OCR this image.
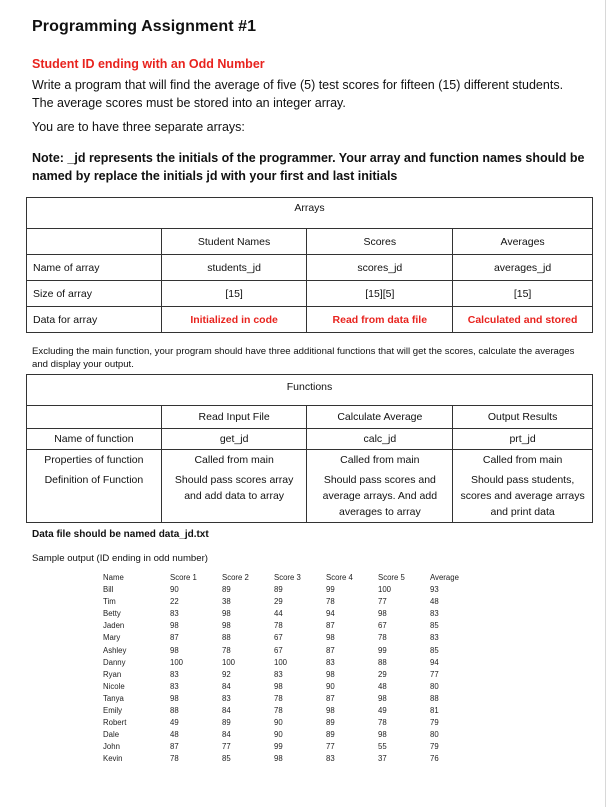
Programming Assignment #1
Student ID ending with an Odd Number
Write a program that will find the average of five (5) test scores for fifteen (15) different students. The average scores must be stored into an integer array.
You are to have three separate arrays:
Note: _jd represents the initials of the programmer. Your array and function names should be named by replace the initials jd with your first and last initials
Arrays			
	Student Names	Scores	Averages
Name of array	students_jd	scores_jd	averages_jd
Size of array	[15]	[15][5]	[15]
Data for array	Initialized in code	Read from data file	Calculated and stored
Excluding the main function, your program should have three additional functions that will get the scores, calculate the averages and display your output.
Functions			
	Read Input File	Calculate Average	Output Results
Name of function	get_jd	calc_jd	prt_jd
Properties of function	Called from main	Called from main	Called from main
Definition of Function	Should pass scores array and add data to array	Should pass scores and average arrays. And add averages to array	Should pass students, scores and average arrays and print data
Data file should be named data_jd.txt
Sample output (ID ending in odd number)
Name	Score 1	Score 2	Score 3	Score 4	Score 5	Average
Bill	90	89	89	99	100	93
Tim	22	38	29	78	77	48
Betty	83	98	44	94	98	83
Jaden	98	98	78	87	67	85
Mary	87	88	67	98	78	83
Ashley	98	78	67	87	99	85
Danny	100	100	100	83	88	94
Ryan	83	92	83	98	29	77
Nicole	83	84	98	90	48	80
Tanya	98	83	78	87	98	88
Emily	88	84	78	98	49	81
Robert	49	89	90	89	78	79
Dale	48	84	90	89	98	80
John	87	77	99	77	55	79
Kevin	78	85	98	83	37	76
